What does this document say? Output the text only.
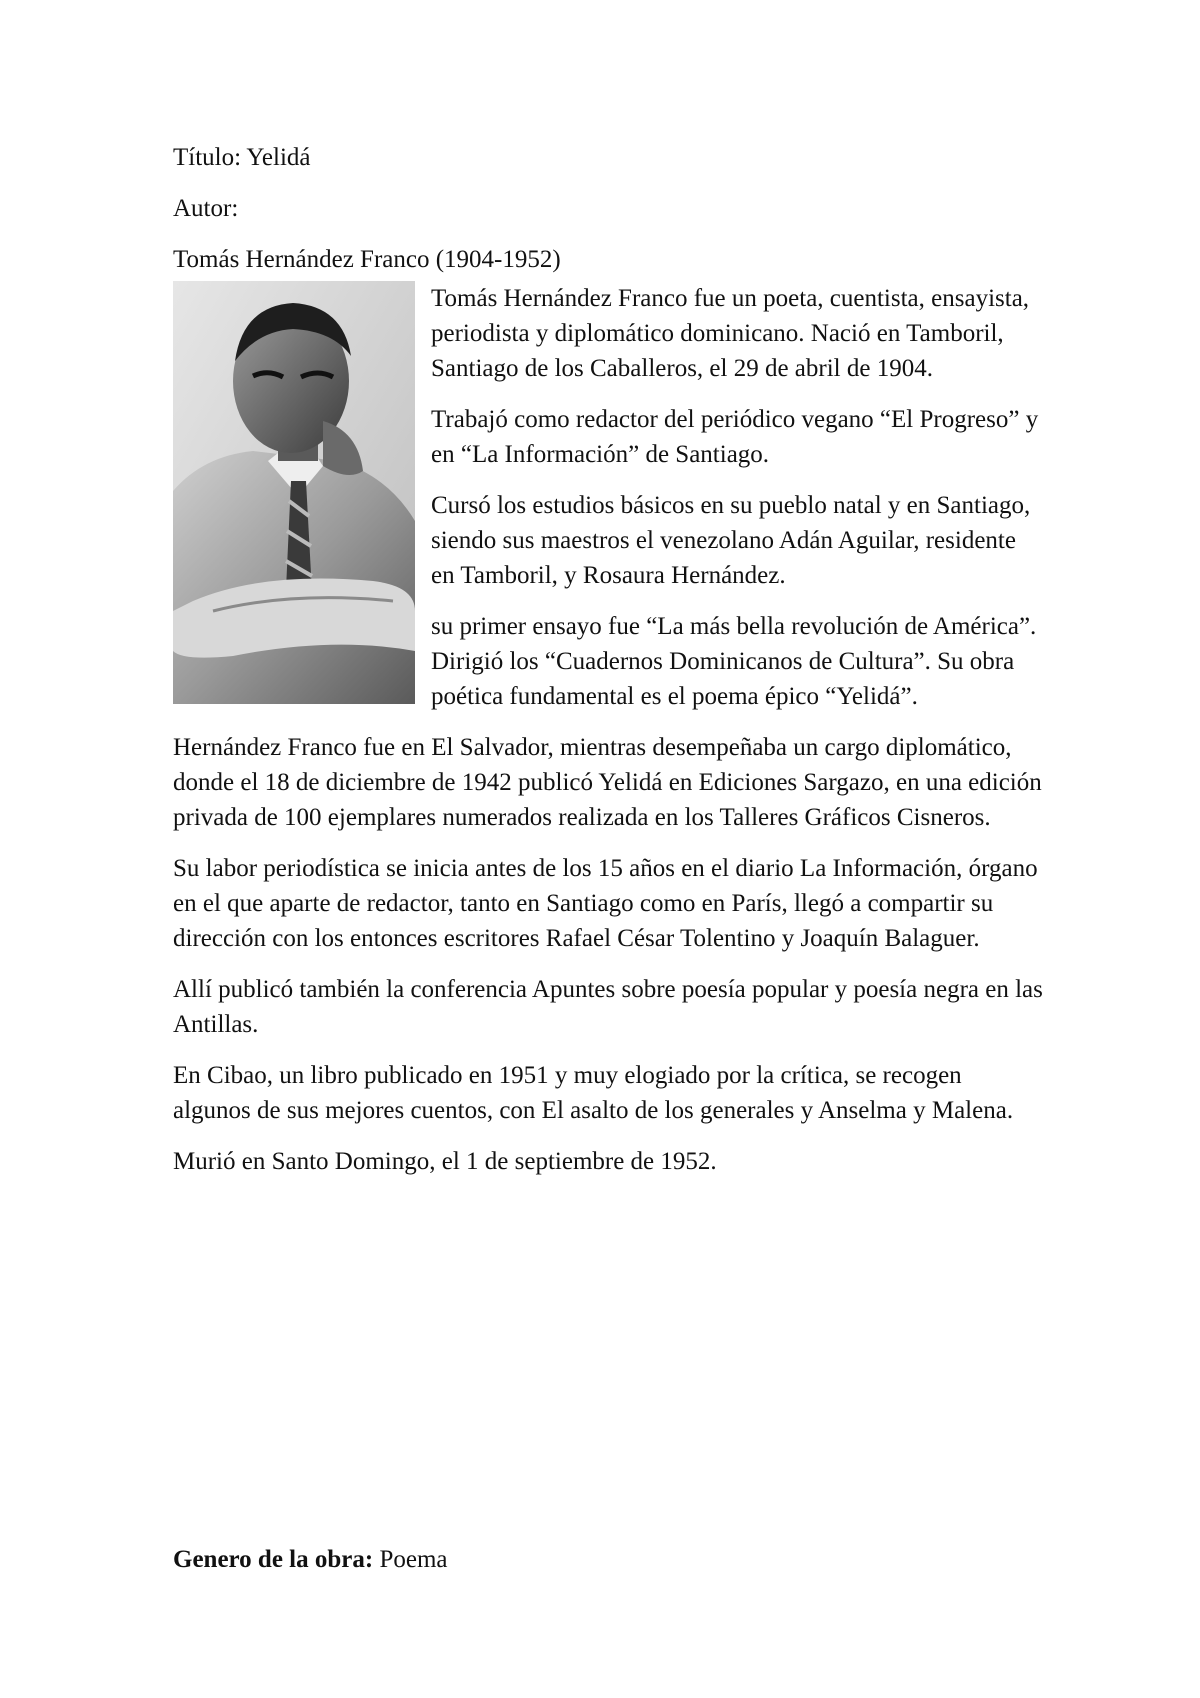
Título: Yelidá

Autor:

Tomás Hernández Franco (1904-1952)

Tomás Hernández Franco fue un poeta, cuentista, ensayista, periodista y diplomático dominicano. Nació en Tamboril, Santiago de los Caballeros, el 29 de abril de 1904.

Trabajó como redactor del periódico vegano “El Progreso” y en “La Información” de Santiago.

Cursó los estudios básicos en su pueblo natal y en Santiago, siendo sus maestros el venezolano Adán Aguilar, residente en Tamboril, y Rosaura Hernández.

su primer ensayo fue “La más bella revolución de América”. Dirigió los “Cuadernos Dominicanos de Cultura”. Su obra poética fundamental es el poema épico “Yelidá”.

Hernández Franco fue en El Salvador, mientras desempeñaba un cargo diplomático, donde el 18 de diciembre de 1942 publicó Yelidá en Ediciones Sargazo, en una edición privada de 100 ejemplares numerados realizada en los Talleres Gráficos Cisneros.

Su labor periodística se inicia antes de los 15 años en el diario La Información, órgano en el que aparte de redactor, tanto en Santiago como en París, llegó a compartir su dirección con los entonces escritores Rafael César Tolentino y Joaquín Balaguer.

Allí publicó también la conferencia Apuntes sobre poesía popular y poesía negra en las Antillas.

En Cibao, un libro publicado en 1951 y muy elogiado por la crítica, se recogen algunos de sus mejores cuentos, con El asalto de los generales y Anselma y Malena.

Murió en Santo Domingo, el 1 de septiembre de 1952.

Genero de la obra: Poema
